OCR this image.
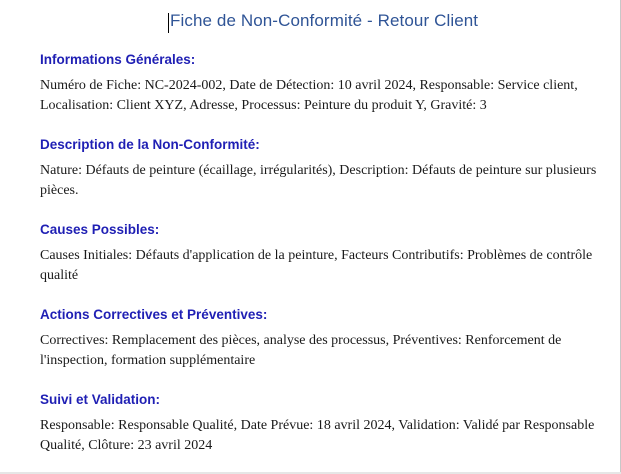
Fiche de Non-Conformité - Retour Client

Informations Générales:

Numéro de Fiche: NC-2024-002, Date de Détection: 10 avril 2024, Responsable: Service client, Localisation: Client XYZ, Adresse, Processus: Peinture du produit Y, Gravité: 3

Description de la Non-Conformité:

Nature: Défauts de peinture (écaillage, irrégularités), Description: Défauts de peinture sur plusieurs pièces.

Causes Possibles:

Causes Initiales: Défauts d'application de la peinture, Facteurs Contributifs: Problèmes de contrôle qualité

Actions Correctives et Préventives:

Correctives: Remplacement des pièces, analyse des processus, Préventives: Renforcement de l'inspection, formation supplémentaire

Suivi et Validation:

Responsable: Responsable Qualité, Date Prévue: 18 avril 2024, Validation: Validé par Responsable Qualité, Clôture: 23 avril 2024
